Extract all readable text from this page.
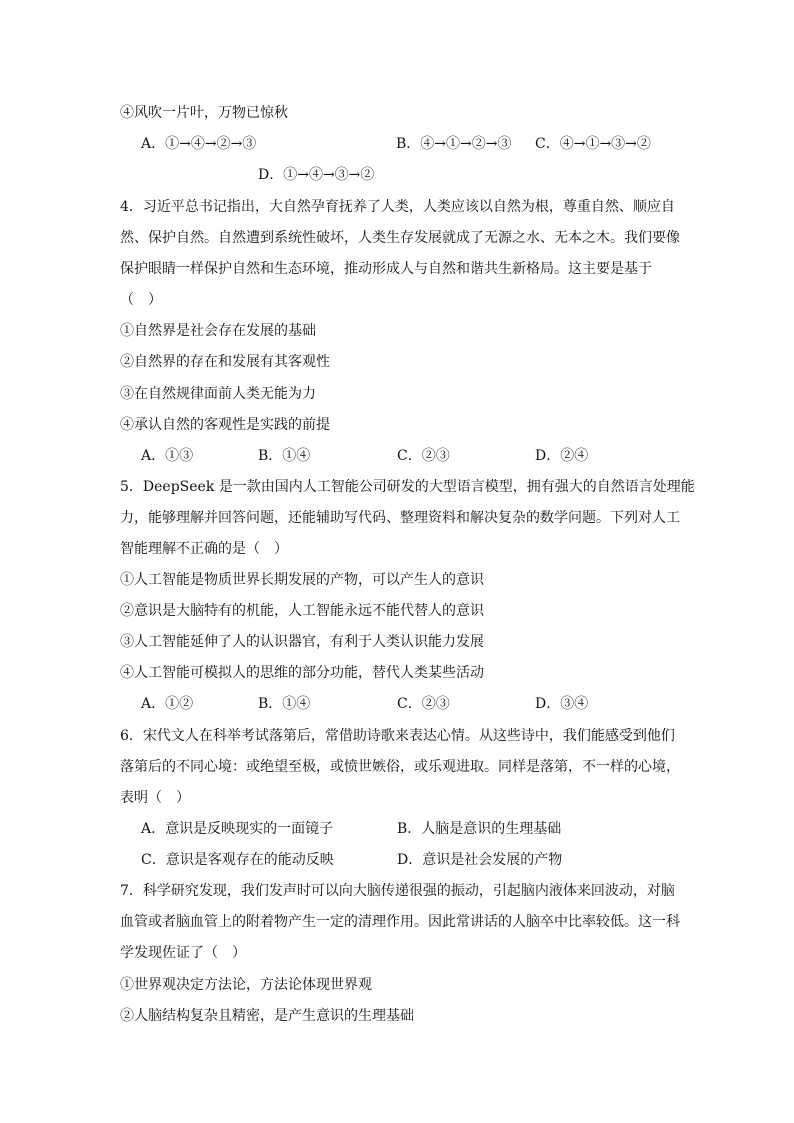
④风吹一片叶，万物已惊秋
A．①→④→②→③	B．④→①→②→③ C．④→①→③→②
D．①→④→③→②
4．习近平总书记指出，大自然孕育抚养了人类，人类应该以自然为根，尊重自然、顺应自
然、保护自然。自然遭到系统性破坏，人类生存发展就成了无源之水、无本之木。我们要像
保护眼睛一样保护自然和生态环境，推动形成人与自然和谐共生新格局。这主要是基于
（　）
①自然界是社会存在发展的基础
②自然界的存在和发展有其客观性
③在自然规律面前人类无能为力
④承认自然的客观性是实践的前提
A．①③	B．①④	C．②③	D．②④
5．DeepSeek 是一款由国内人工智能公司研发的大型语言模型，拥有强大的自然语言处理能
力，能够理解并回答问题，还能辅助写代码、整理资料和解决复杂的数学问题。下列对人工
智能理解不正确的是（　）
①人工智能是物质世界长期发展的产物，可以产生人的意识
②意识是大脑特有的机能，人工智能永远不能代替人的意识
③人工智能延伸了人的认识器官，有利于人类认识能力发展
④人工智能可模拟人的思维的部分功能，替代人类某些活动
A．①②	B．①④	C．②③	D．③④
6．宋代文人在科举考试落第后，常借助诗歌来表达心情。从这些诗中，我们能感受到他们
落第后的不同心境：或绝望至极，或愤世嫉俗，或乐观进取。同样是落第，不一样的心境，
表明（　）
A．意识是反映现实的一面镜子	B．人脑是意识的生理基础
C．意识是客观存在的能动反映	D．意识是社会发展的产物
7．科学研究发现，我们发声时可以向大脑传递很强的振动，引起脑内液体来回波动，对脑
血管或者脑血管上的附着物产生一定的清理作用。因此常讲话的人脑卒中比率较低。这一科
学发现佐证了（　）
①世界观决定方法论，方法论体现世界观
②人脑结构复杂且精密，是产生意识的生理基础
